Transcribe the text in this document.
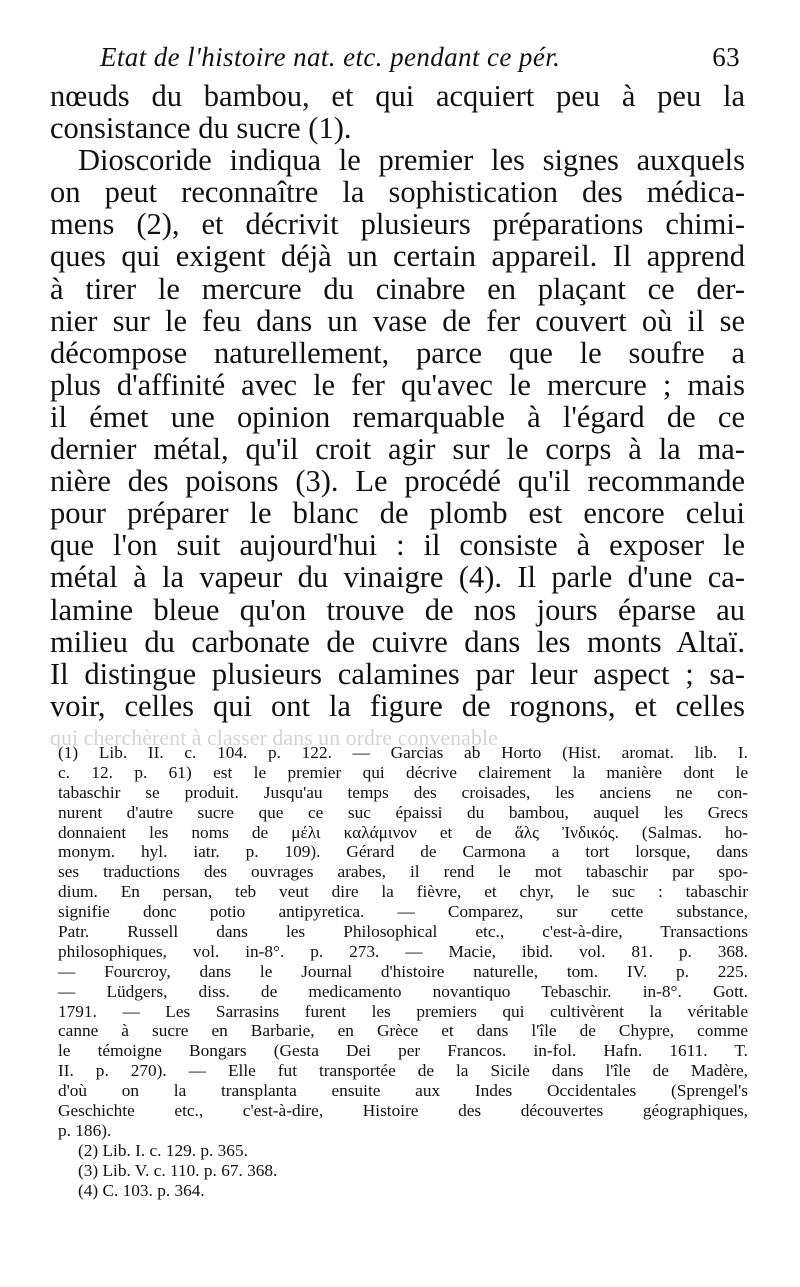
Etat de l'histoire nat. etc. pendant ce pér.	63
nœuds du bambou, et qui acquiert peu à peu la
consistance du sucre (1).
Dioscoride indiqua le premier les signes auxquels
on peut reconnaître la sophistication des médica-
mens (2), et décrivit plusieurs préparations chimi-
ques qui exigent déjà un certain appareil. Il apprend
à tirer le mercure du cinabre en plaçant ce der-
nier sur le feu dans un vase de fer couvert où il se
décompose naturellement, parce que le soufre a
plus d'affinité avec le fer qu'avec le mercure ; mais
il émet une opinion remarquable à l'égard de ce
dernier métal, qu'il croit agir sur le corps à la ma-
nière des poisons (3). Le procédé qu'il recommande
pour préparer le blanc de plomb est encore celui
que l'on suit aujourd'hui : il consiste à exposer le
métal à la vapeur du vinaigre (4). Il parle d'une ca-
lamine bleue qu'on trouve de nos jours éparse au
milieu du carbonate de cuivre dans les monts Altaï.
Il distingue plusieurs calamines par leur aspect ; sa-
voir, celles qui ont la figure de rognons, et celles
qui cherchèrent à classer dans un ordre convenable
(1) Lib. II. c. 104. p. 122. — Garcias ab Horto (Hist. aromat. lib. I.
c. 12. p. 61) est le premier qui décrive clairement la manière dont le
tabaschir se produit. Jusqu'au temps des croisades, les anciens ne con-
nurent d'autre sucre que ce suc épaissi du bambou, auquel les Grecs
donnaient les noms de μέλι καλάμινον et de ἅλς Ἰνδικός. (Salmas. ho-
monym. hyl. iatr. p. 109). Gérard de Carmona a tort lorsque, dans
ses traductions des ouvrages arabes, il rend le mot tabaschir par spo-
dium. En persan, teb veut dire la fièvre, et chyr, le suc : tabaschir
signifie donc potio antipyretica. — Comparez, sur cette substance,
Patr. Russell dans les Philosophical etc., c'est-à-dire, Transactions
philosophiques, vol. in-8°. p. 273. — Macie, ibid. vol. 81. p. 368.
— Fourcroy, dans le Journal d'histoire naturelle, tom. IV. p. 225.
— Lüdgers, diss. de medicamento novantiquo Tebaschir. in-8°. Gott.
1791. — Les Sarrasins furent les premiers qui cultivèrent la véritable
canne à sucre en Barbarie, en Grèce et dans l'île de Chypre, comme
le témoigne Bongars (Gesta Dei per Francos. in-fol. Hafn. 1611. T.
II. p. 270). — Elle fut transportée de la Sicile dans l'île de Madère,
d'où on la transplanta ensuite aux Indes Occidentales (Sprengel's
Geschichte etc., c'est-à-dire, Histoire des découvertes géographiques,
p. 186).
(2) Lib. I. c. 129. p. 365.
(3) Lib. V. c. 110. p. 67. 368.
(4) C. 103. p. 364.
